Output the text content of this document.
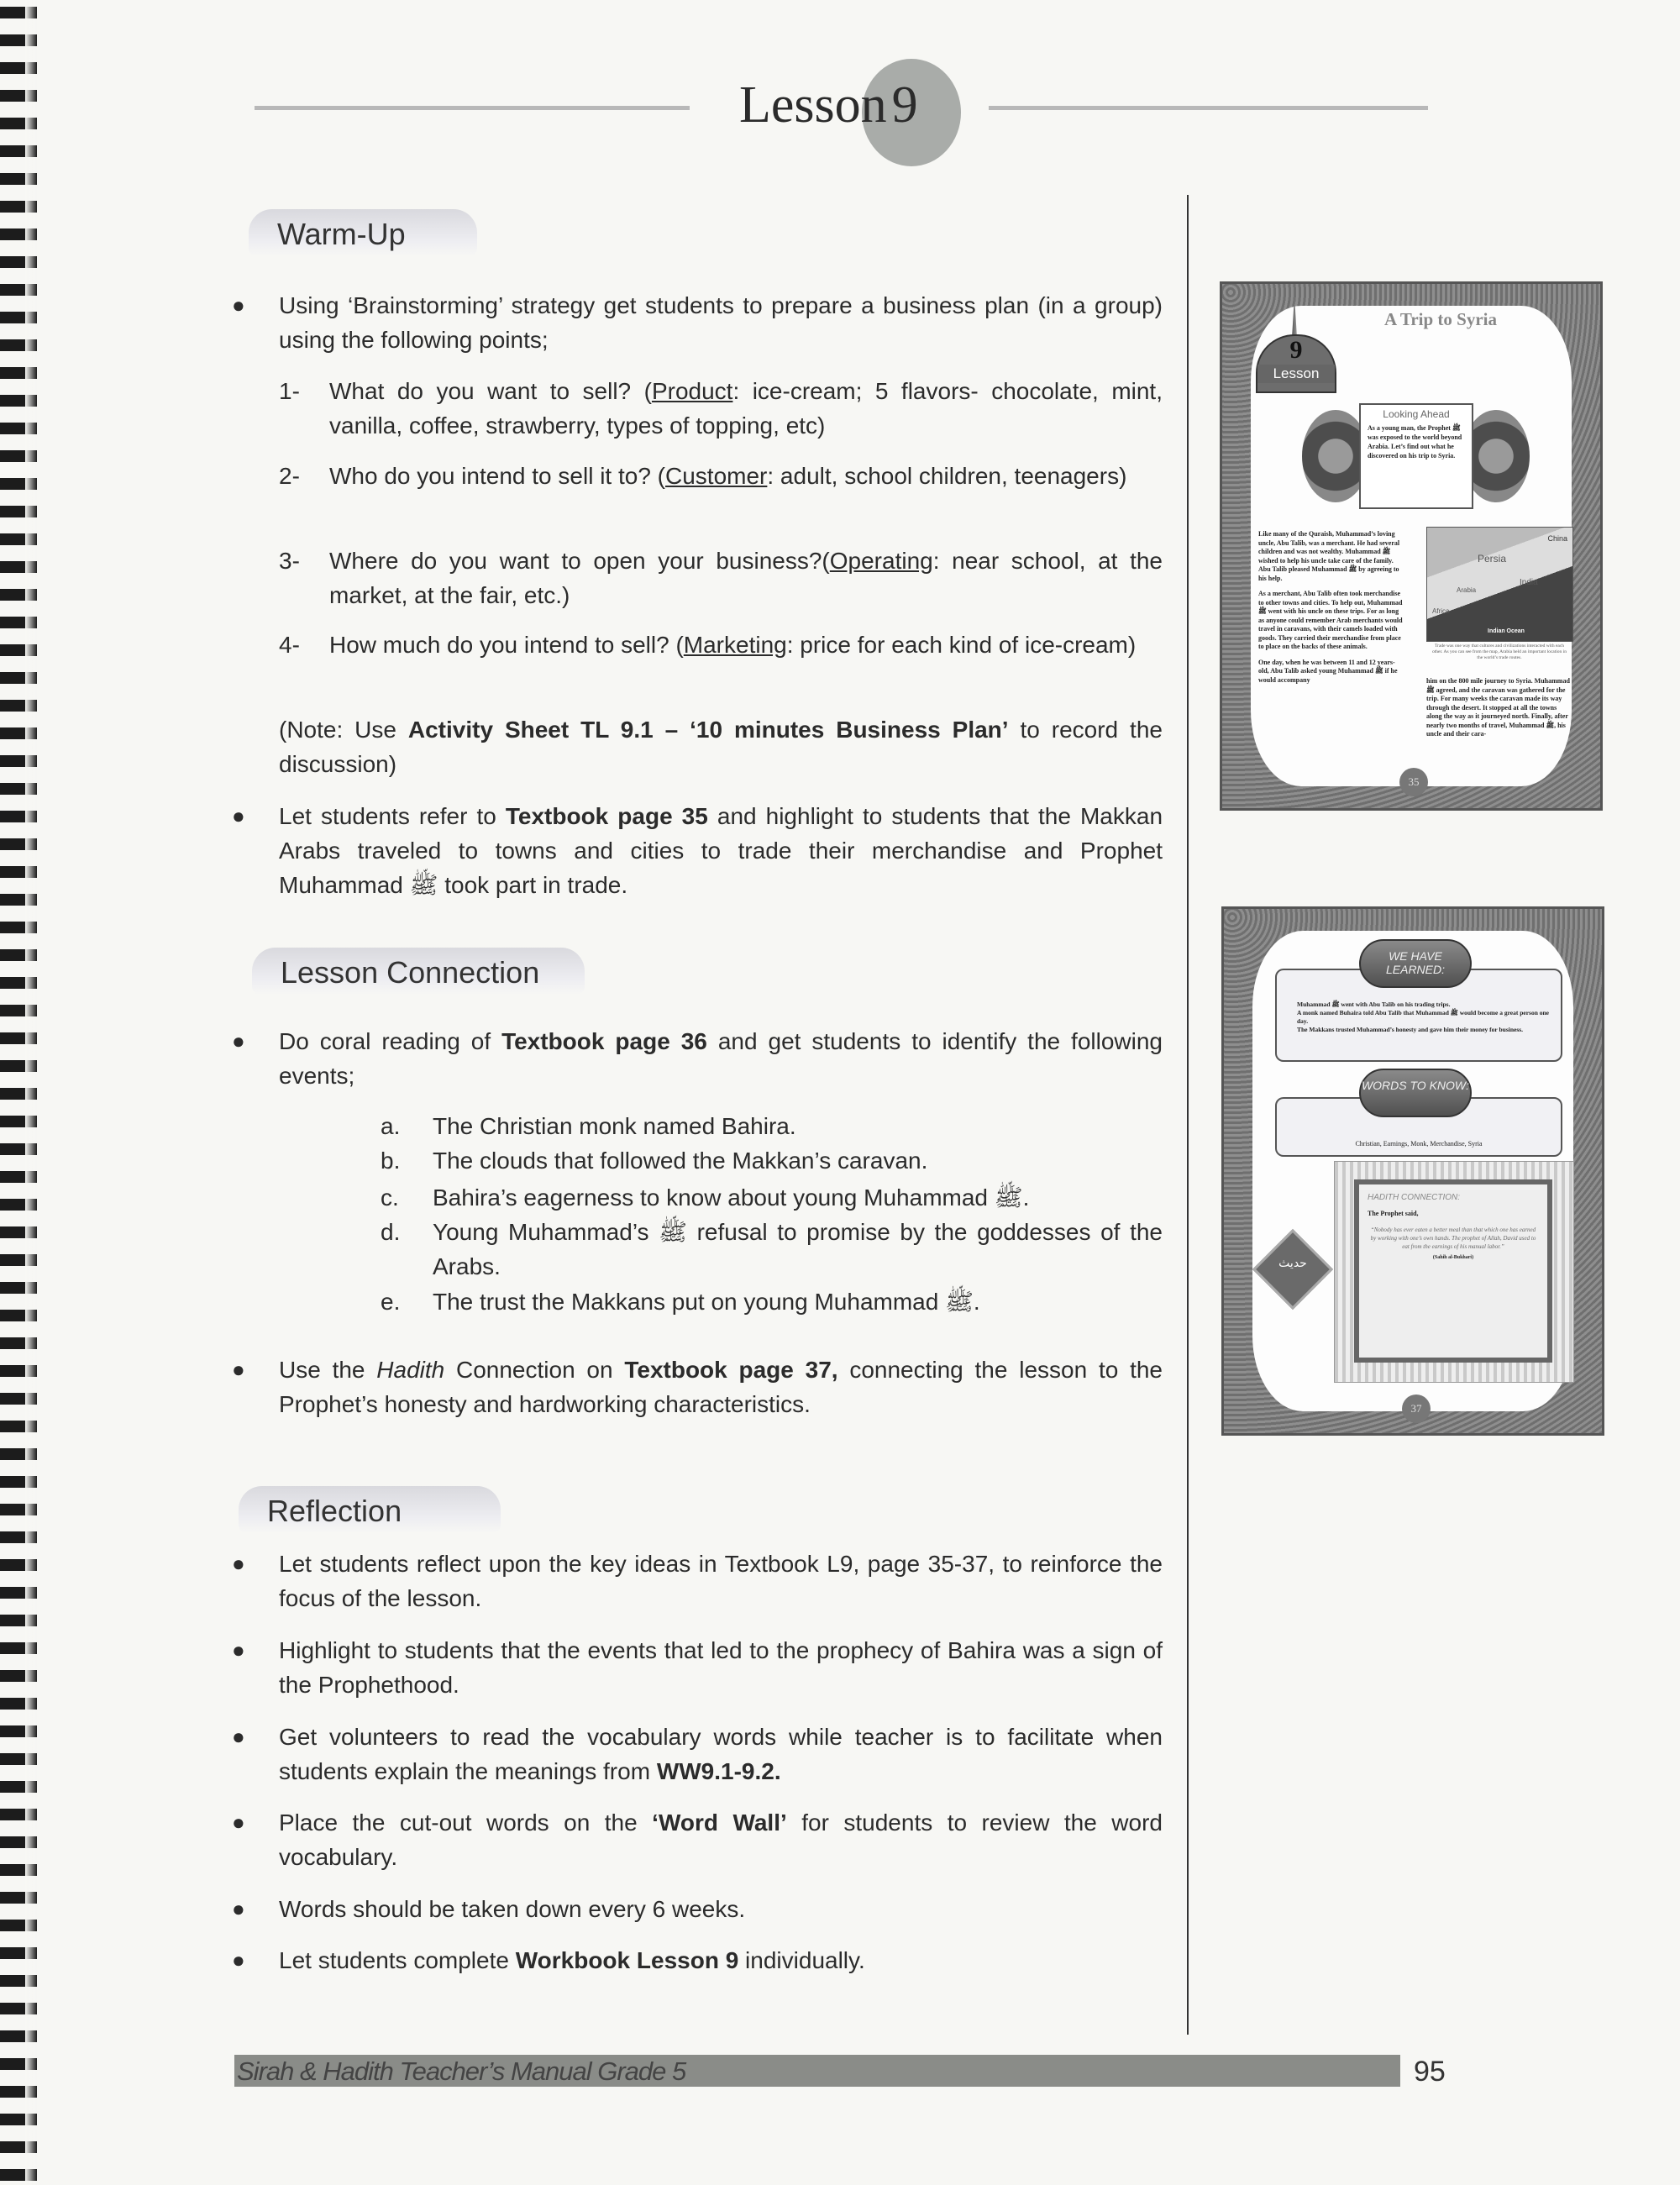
Lesson9
Warm-Up
● Using ‘Brainstorming’ strategy get students to prepare a business plan (in a group) using the following points;
1- What do you want to sell? (Product: ice-cream; 5 flavors- chocolate, mint, vanilla, coffee, strawberry, types of topping, etc)
2- Who do you intend to sell it to? (Customer: adult, school children, teenagers)
3- Where do you want to open your business?(Operating: near school, at the market, at the fair, etc.)
4- How much do you intend to sell? (Marketing: price for each kind of ice-cream)
(Note: Use Activity Sheet TL 9.1 – ‘10 minutes Business Plan’ to record the discussion)
● Let students refer to Textbook page 35 and highlight to students that the Makkan Arabs traveled to towns and cities to trade their merchandise and Prophet Muhammad ﷺ took part in trade.
Lesson Connection
● Do coral reading of Textbook page 36 and get students to identify the following events;
a. The Christian monk named Bahira.
b. The clouds that followed the Makkan’s caravan.
c. Bahira’s eagerness to know about young Muhammad ﷺ.
d. Young Muhammad’s ﷺ refusal to promise by the goddesses of the Arabs.
e. The trust the Makkans put on young Muhammad ﷺ.
● Use the Hadith Connection on Textbook page 37, connecting the lesson to the Prophet’s honesty and hardworking characteristics.
Reflection
● Let students reflect upon the key ideas in Textbook L9, page 35-37, to reinforce the focus of the lesson.
● Highlight to students that the events that led to the prophecy of Bahira was a sign of the Prophethood.
● Get volunteers to read the vocabulary words while teacher is to facilitate when students explain the meanings from WW9.1-9.2.
● Place the cut-out words on the ‘Word Wall’ for students to review the word vocabulary.
● Words should be taken down every 6 weeks.
● Let students complete Workbook Lesson 9 individually.
9
Lesson
A Trip to Syria
Looking Ahead
As a young man, the Prophet ﷺ was exposed to the world beyond Arabia. Let’s find out what he discovered on his trip to Syria.
Like many of the Quraish, Muhammad’s loving uncle, Abu Talib, was a merchant. He had several children and was not wealthy. Muhammad ﷺ wished to help his uncle take care of the family. Abu Talib pleased Muhammad ﷺ by agreeing to his help.
As a merchant, Abu Talib often took merchandise to other towns and cities. To help out, Muhammad ﷺ went with his uncle on these trips. For as long as anyone could remember Arab merchants would travel in caravans, with their camels loaded with goods. They carried their merchandise from place to place on the backs of these animals.
One day, when he was between 11 and 12 years-old, Abu Talib asked young Muhammad ﷺ if he would accompany
China
Persia
India
Arabia
Africa
Indian Ocean
Trade was one way that cultures and civilizations interacted with each other. As you can see from the map, Arabia held an important location in the world’s trade routes.
him on the 800 mile journey to Syria. Muhammad ﷺ agreed, and the caravan was gathered for the trip. For many weeks the caravan made its way through the desert. It stopped at all the towns along the way as it journeyed north. Finally, after nearly two months of travel, Muhammad ﷺ, his uncle and their cara-
35
Muhammad ﷺ went with Abu Talib on his trading trips.
A monk named Buhaira told Abu Talib that Muhammad ﷺ would become a great person one day.
The Makkans trusted Muhammad’s honesty and gave him their money for business.
WE HAVE LEARNED:
Christian, Earnings, Monk, Merchandise, Syria
WORDS TO KNOW:
HADITH CONNECTION:
The Prophet said,
“Nobody has ever eaten a better meal than that which one has earned by working with one’s own hands. The prophet of Allah, David used to eat from the earnings of his manual labor.”
(Sahih al-Bukhari)
حديث
37
Sirah & Hadith Teacher’s Manual Grade 5	95
